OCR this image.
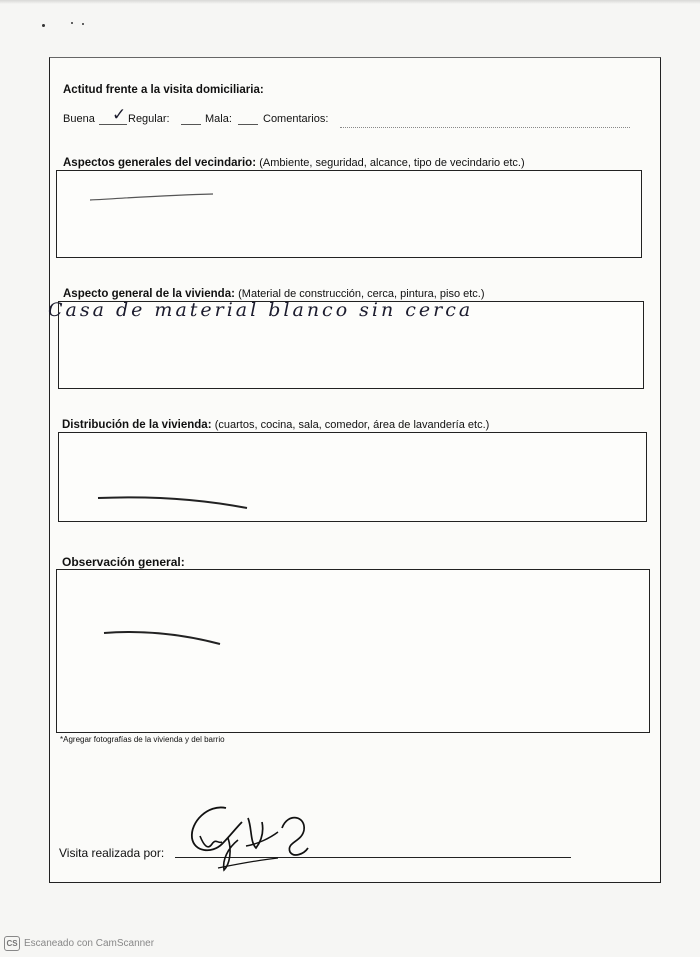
Actitud frente a la visita domiciliaria:
Buena ✓ Regular:	Mala:	Comentarios:
Aspectos generales del vecindario: (Ambiente, seguridad, alcance, tipo de vecindario etc.)
Aspecto general de la vivienda: (Material de construcción, cerca, pintura, piso etc.)
Casa de material blanco sin cerca
Distribución de la vivienda: (cuartos, cocina, sala, comedor, área de lavandería etc.)
Observación general:
*Agregar fotografías de la vivienda y del barrio
Visita realizada por:
CS Escaneado con CamScanner
